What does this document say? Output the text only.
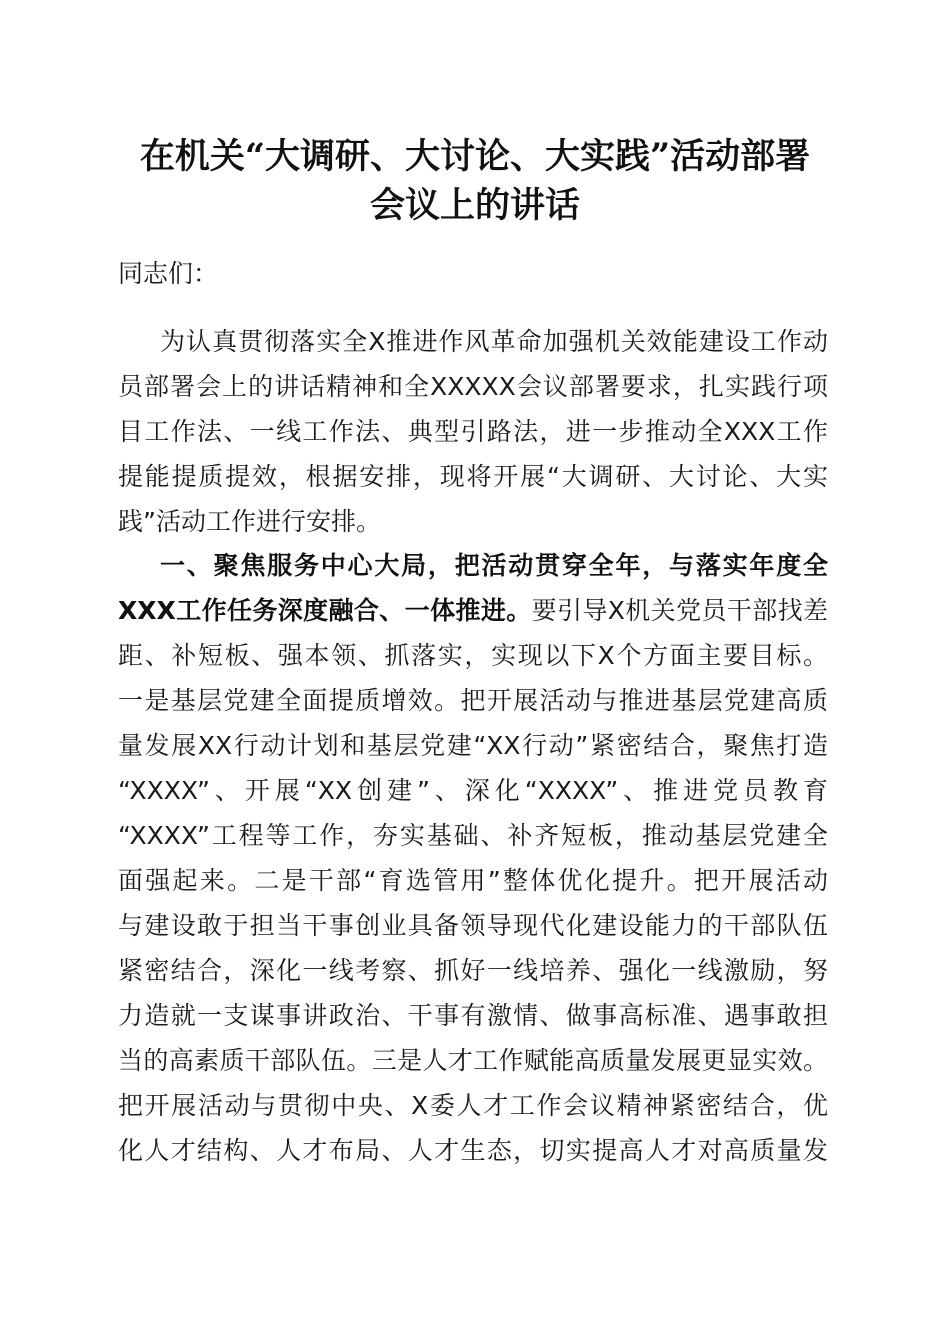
在机关“大调研、大讨论、大实践”活动部署
会议上的讲话
同志们：
为认真贯彻落实全X推进作风革命加强机关效能建设工作动
员部署会上的讲话精神和全XXXXX会议部署要求，扎实践行项
目工作法、一线工作法、典型引路法，进一步推动全XXX工作
提能提质提效，根据安排，现将开展“大调研、大讨论、大实
践”活动工作进行安排。
一、聚焦服务中心大局，把活动贯穿全年，与落实年度全
XXX工作任务深度融合、一体推进。要引导X机关党员干部找差
距、补短板、强本领、抓落实，实现以下X个方面主要目标。
一是基层党建全面提质增效。把开展活动与推进基层党建高质
量发展XX行动计划和基层党建“XX行动”紧密结合，聚焦打造
“XXXX”、开展“XX创建”、深化“XXXX”、推进党员教育
“XXXX”工程等工作，夯实基础、补齐短板，推动基层党建全
面强起来。二是干部“育选管用”整体优化提升。把开展活动
与建设敢于担当干事创业具备领导现代化建设能力的干部队伍
紧密结合，深化一线考察、抓好一线培养、强化一线激励，努
力造就一支谋事讲政治、干事有激情、做事高标准、遇事敢担
当的高素质干部队伍。三是人才工作赋能高质量发展更显实效。
把开展活动与贯彻中央、X委人才工作会议精神紧密结合，优
化人才结构、人才布局、人才生态，切实提高人才对高质量发
